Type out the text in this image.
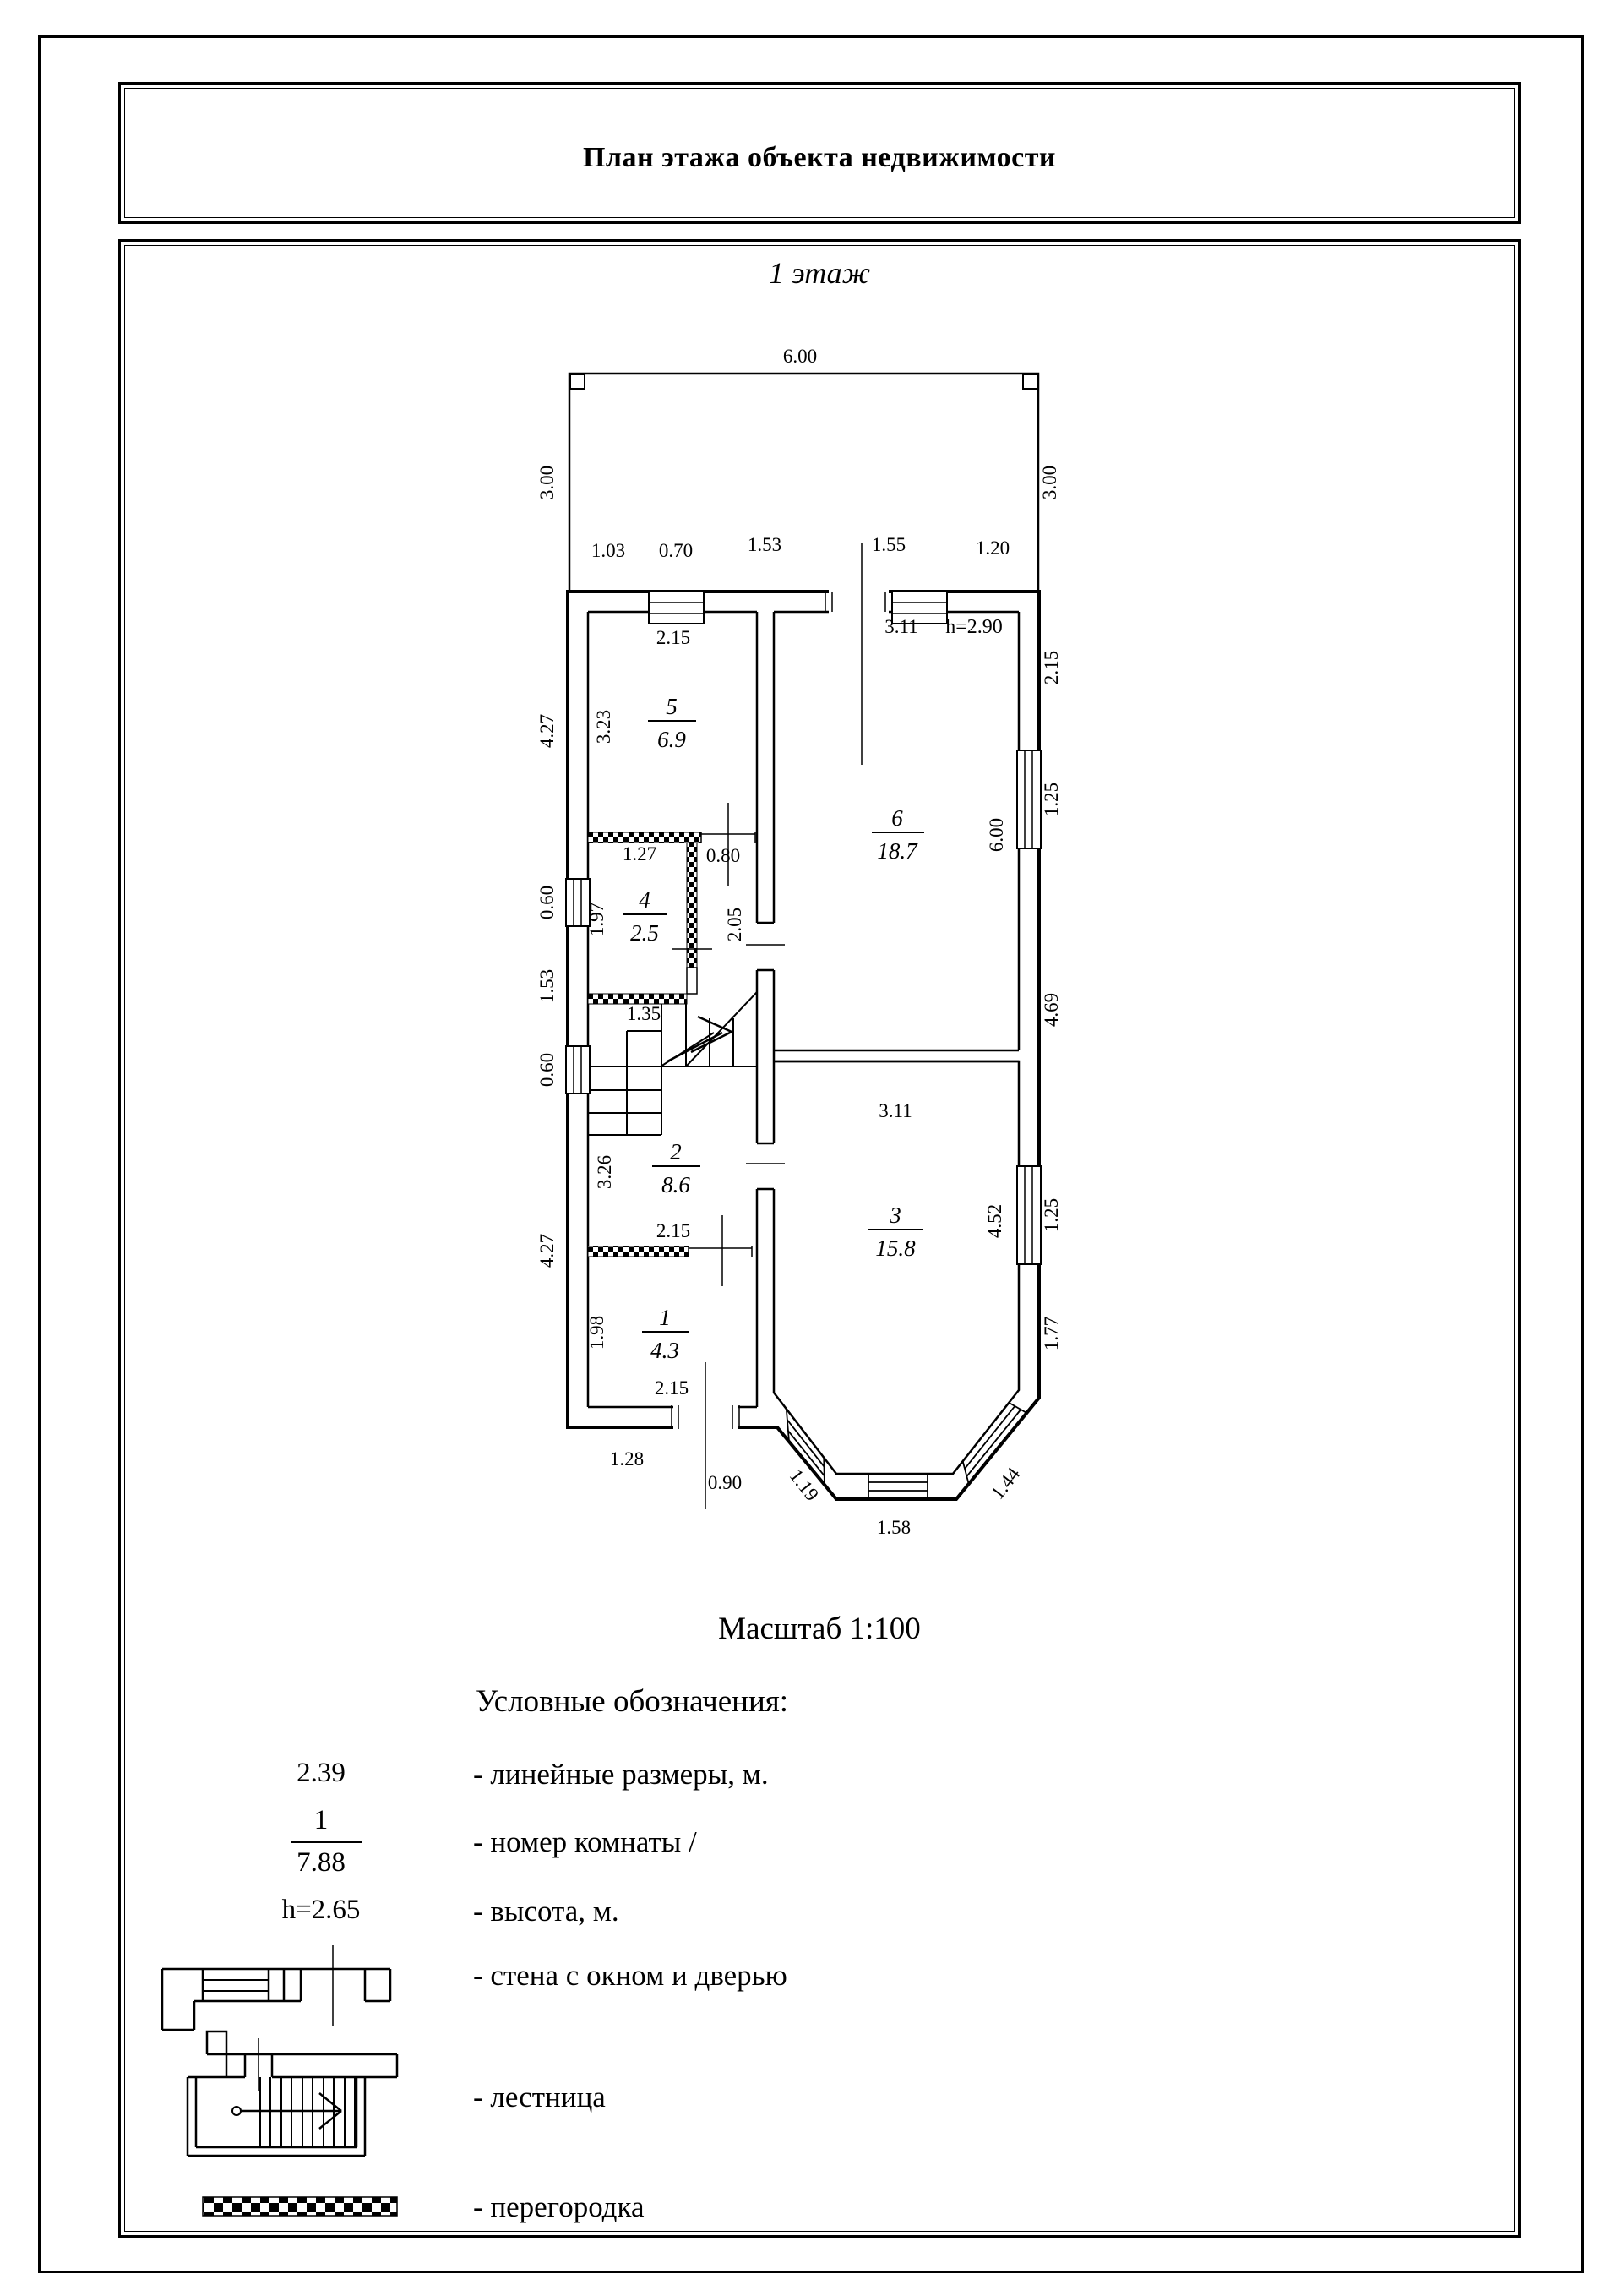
План этажа объекта недвижимости
1 этаж
6.00
3.00	3.00
1.03 0.70	1.53	1.55	1.20
4.27
0.60
1.53
0.60
4.27
2.15
1.25
4.69
1.25
1.77
2.15
3.23
5
6.9
3.11 h=2.90
6.00
6
18.7
1.27	0.80
1.97	2.05
4
2.5
1.35
2
8.6
3.26
2.15
3.11
3
15.8
4.52
1
4.3
1.98
2.15
1.28
0.90 1.19
1.58
1.44
Масштаб 1:100
Условные обозначения:
2.39	- линейные размеры, м.
1
7.88
- номер комнаты /
h=2.65	- высота, м.
- стена с окном и дверью
- лестница
- перегородка
